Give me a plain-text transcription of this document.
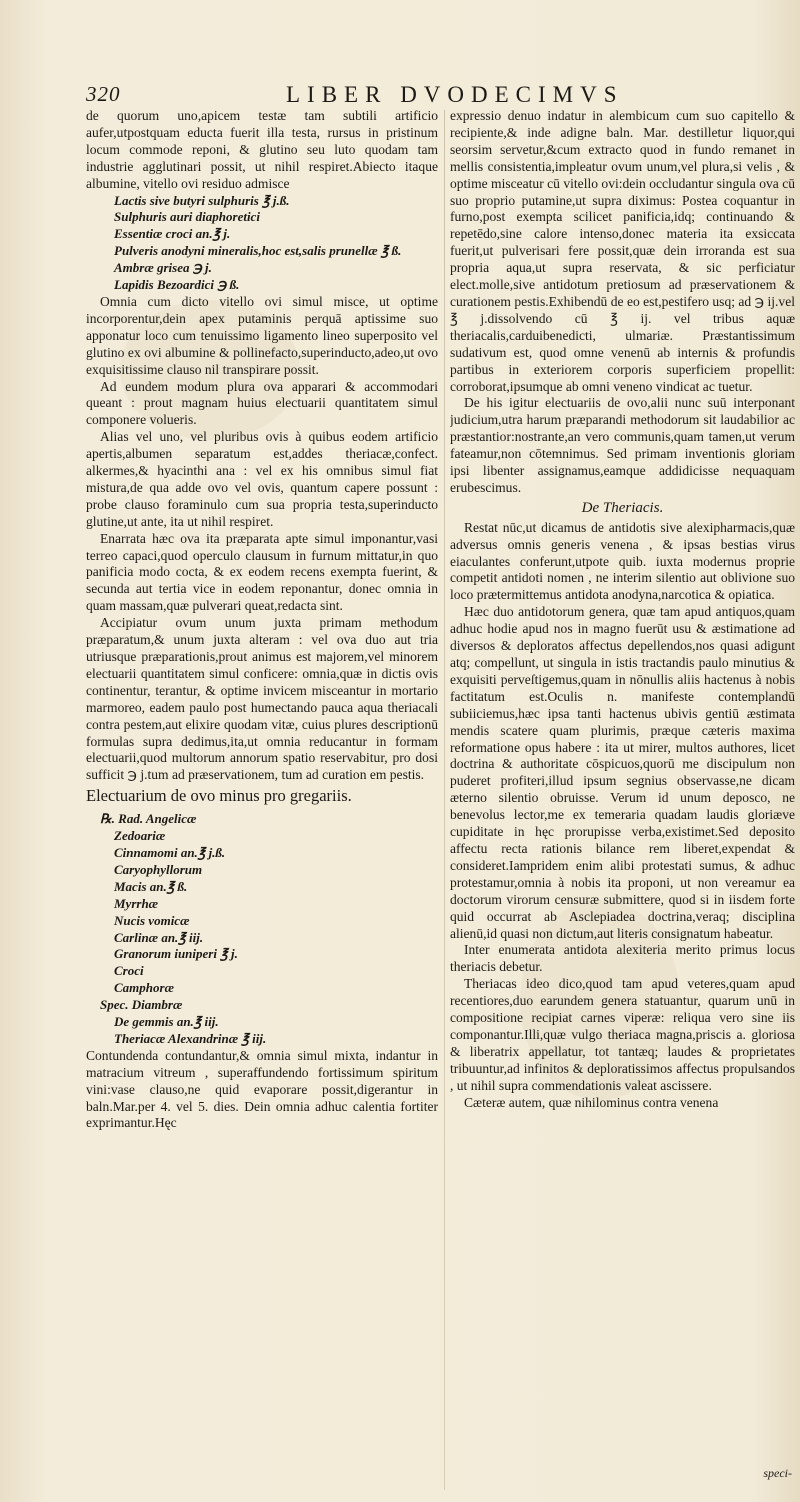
320	LIBER DVODECIMVS

de quorum uno,apicem testæ tam subtili artificio aufer,utpostquam educta fuerit illa testa, rursus in pristinum locum commode reponi, & glutino seu luto quodam tam industrie agglutinari possit, ut nihil respiret.Abiecto itaque albumine, vitello ovi residuo admisce

Lactis sive butyri sulphuris ℥ j.ß.
Sulphuris auri diaphoretici
Essentiæ croci an.℥ j.
Pulveris anodyni mineralis,hoc est,salis prunellæ ℥ ß.
Ambræ grisea ℈ j.
Lapidis Bezoardici ℈ ß.

Omnia cum dicto vitello ovi simul misce, ut optime incorporentur,dein apex putaminis perquā aptissime suo apponatur loco cum tenuissimo ligamento lineo superposito vel glutino ex ovi albumine & pollinefacto,superinducto,adeo,ut ovo exquisitissime clauso nil transpirare possit.

Ad eundem modum plura ova apparari & accommodari queant : prout magnam huius electuarii quantitatem simul componere volueris.

Alias vel uno, vel pluribus ovis à quibus eodem artificio apertis,albumen separatum est,addes theriacæ,confect. alkermes,& hyacinthi ana : vel ex his omnibus simul fiat mistura,de qua adde ovo vel ovis, quantum capere possunt : probe clauso foraminulo cum sua propria testa,superinducto glutine,ut ante, ita ut nihil respiret.

Enarrata hæc ova ita præparata apte simul imponantur,vasi terreo capaci,quod operculo clausum in furnum mittatur,in quo panificia modo cocta, & ex eodem recens exempta fuerint, & secunda aut tertia vice in eodem reponantur, donec omnia in quam massam,quæ pulverari queat,redacta sint.

Accipiatur ovum unum juxta primam methodum præparatum,& unum juxta alteram : vel ova duo aut tria utriusque præparationis,prout animus est majorem,vel minorem electuarii quantitatem simul conficere: omnia,quæ in dictis ovis continentur, terantur, & optime invicem misceantur in mortario marmoreo, eadem paulo post humectando pauca aqua theriacali contra pestem,aut elixire quodam vitæ, cuius plures descriptionū formulas supra dedimus,ita,ut omnia reducantur in formam electuarii,quod multorum annorum spatio reservabitur, pro dosi sufficit ℈ j.tum ad præservationem, tum ad curation em pestis.

Electuarium de ovo minus pro gregariis.
℞. Rad. Angelicæ
Zedoariæ
Cinnamomi an.℥ j.ß.
Caryophyllorum
Macis an.℥ ß.
Myrrhæ
Nucis vomicæ
Carlinæ an.℥ iij.
Granorum iuniperi ℥ j.
Croci
Camphoræ
Spec. Diambræ
De gemmis an.℥ iij.
Theriacæ Alexandrinæ ℥ iij.

Contundenda contundantur,& omnia simul mixta, indantur in matracium vitreum , superaffundendo fortissimum spiritum vini:vase clauso,ne quid evaporare possit,digerantur in baln.Mar.per 4. vel 5. dies. Dein omnia adhuc calentia fortiter exprimantur.Hęc

expressio denuo indatur in alembicum cum suo capitello & recipiente,& inde adigne baln. Mar. destilletur liquor,qui seorsim servetur,&cum extracto quod in fundo remanet in mellis consistentia,impleatur ovum unum,vel plura,si velis , & optime misceatur cū vitello ovi:dein occludantur singula ova cū suo proprio putamine,ut supra diximus: Postea coquantur in furno,post exempta scilicet panificia,idq; continuando & repetēdo,sine calore intenso,donec materia ita exsiccata fuerit,ut pulverisari fere possit,quæ dein irroranda est sua propria aqua,ut supra reservata, & sic perficiatur elect.molle,sive antidotum pretiosum ad præservationem & curationem pestis.Exhibendū de eo est,pestifero usq; ad ℈ ij.vel ℥ j.dissolvendo cū ℥ ij. vel tribus aquæ theriacalis,carduibenedicti, ulmariæ. Præstantissimum sudativum est, quod omne venenū ab internis & profundis partibus in exteriorem corporis superficiem propellit: corroborat,ipsumque ab omni veneno vindicat ac tuetur.

De his igitur electuariis de ovo,alii nunc suū interponant judicium,utra harum præparandi methodorum sit laudabilior ac præstantior:nostrante,an vero communis,quam tamen,ut verum fateamur,non cōtemnimus. Sed primam inventionis gloriam ipsi libenter assignamus,eamque addidicisse nequaquam erubescimus.

De Theriacis.

Restat nūc,ut dicamus de antidotis sive alexipharmacis,quæ adversus omnis generis venena , & ipsas bestias virus eiaculantes conferunt,utpote quib. iuxta modernus proprie competit antidoti nomen , ne interim silentio aut oblivione suo loco prætermittemus antidota anodyna,narcotica & opiatica.

Hæc duo antidotorum genera, quæ tam apud antiquos,quam adhuc hodie apud nos in magno fuerūt usu & æstimatione ad diversos & deploratos affectus depellendos,nos quasi adigunt atq; compellunt, ut singula in istis tractandis paulo minutius & exquisiti perveſtigemus,quam in nōnullis aliis hactenus à nobis factitatum est.Oculis n. manifeste contemplandū subiiciemus,hæc ipsa tanti hactenus ubivis gentiū æstimata mendis scatere quam plurimis, præque cæteris maxima reformatione opus habere : ita ut mirer, multos authores, licet doctrina & authoritate cōspicuos,quorū me discipulum non puderet profiteri,illud ipsum segnius observasse,ne dicam æterno silentio obruisse. Verum id unum deposco, ne benevolus lector,me ex temeraria quadam laudis gloriæve cupiditate in hęc prorupisse verba,existimet.Sed deposito affectu recta rationis bilance rem liberet,expendat & consideret.Iampridem enim alibi protestati sumus, & adhuc protestamur,omnia à nobis ita proponi, ut non vereamur ea doctorum virorum censuræ submittere, quod si in iisdem forte quid occurrat ab Asclepiadea doctrina,veraq; disciplina alienū,id quasi non dictum,aut literis consignatum habeatur.

Inter enumerata antidota alexiteria merito primus locus theriacis debetur.

Theriacas ideo dico,quod tam apud veteres,quam apud recentiores,duo earundem genera statuantur, quarum unū in compositione recipiat carnes viperæ: reliqua vero sine iis componantur.Illi,quæ vulgo theriaca magna,priscis a. gloriosa & liberatrix appellatur, tot tantæq; laudes & proprietates tribuuntur,ad infinitos & deploratissimos affectus propulsandos , ut nihil supra commendationis valeat ascissere.

Cæteræ autem, quæ nihilominus contra venena

speci-
